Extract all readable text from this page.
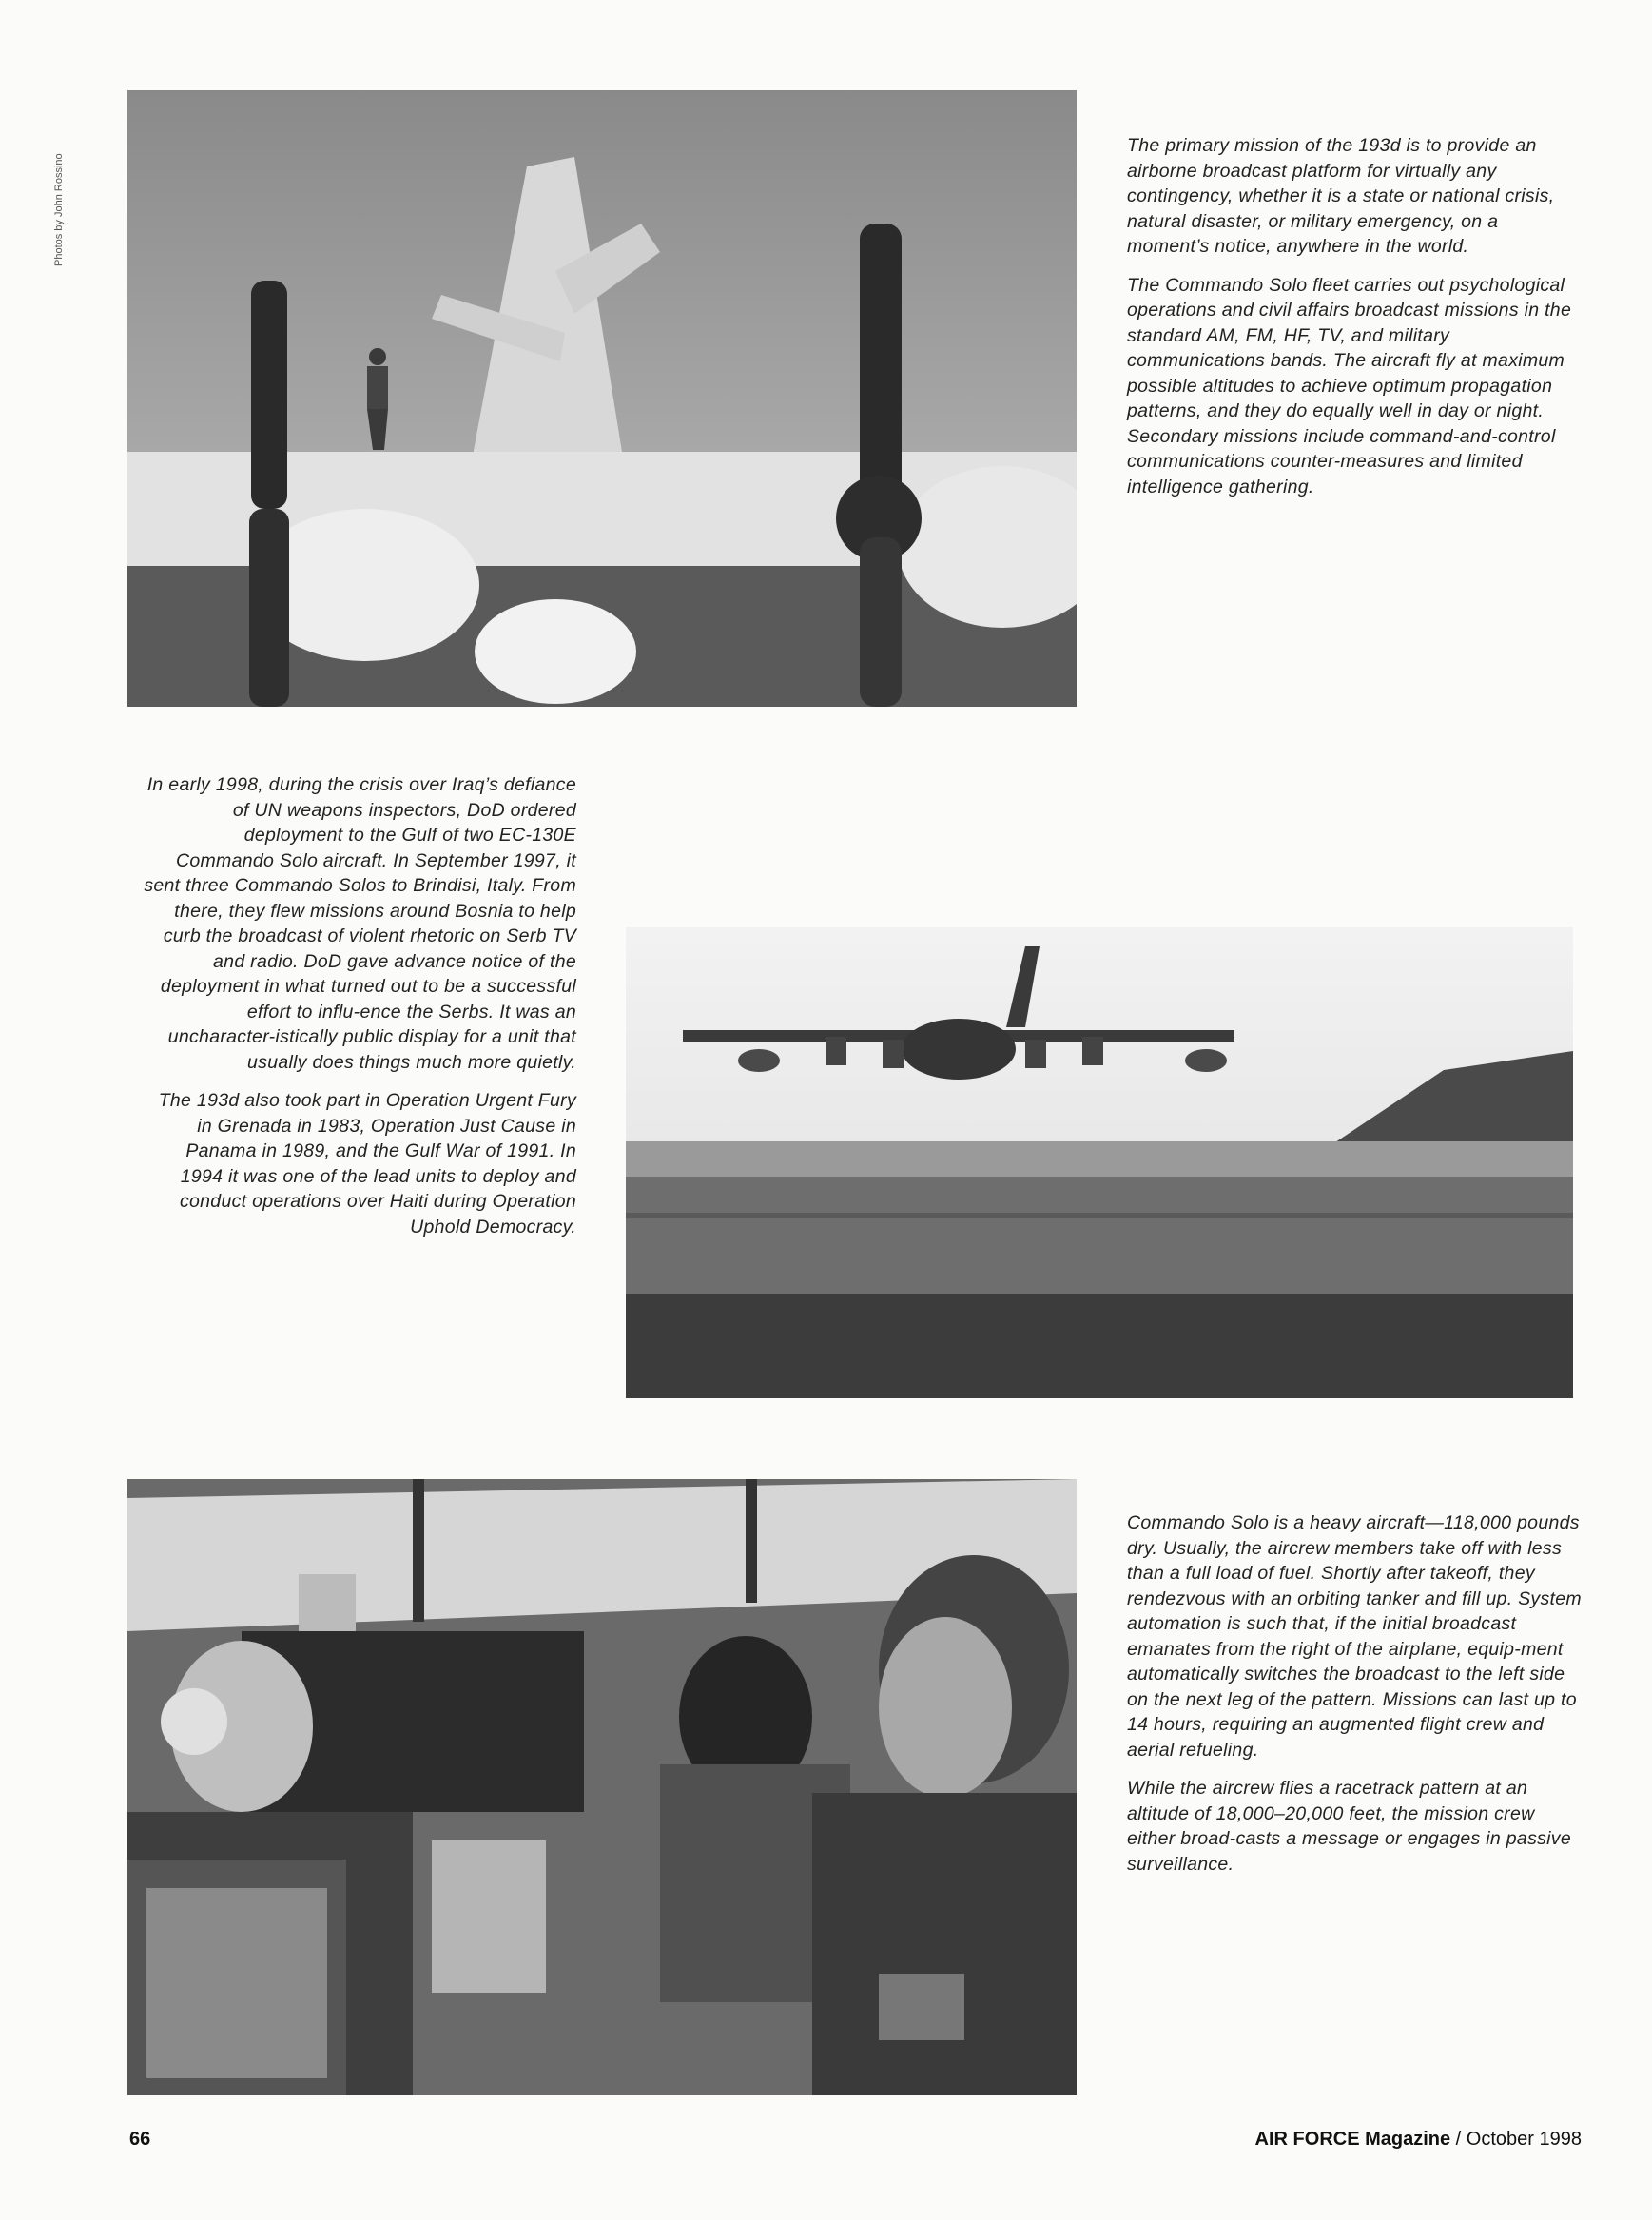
Photos by John Rossino

The primary mission of the 193d is to provide an airborne broadcast platform for virtually any contingency, whether it is a state or national crisis, natural disaster, or military emergency, on a moment’s notice, anywhere in the world.

The Commando Solo fleet carries out psychological operations and civil affairs broadcast missions in the standard AM, FM, HF, TV, and military communications bands. The aircraft fly at maximum possible altitudes to achieve optimum propagation patterns, and they do equally well in day or night. Secondary missions include command-and-control communications counter-measures and limited intelligence gathering.

In early 1998, during the crisis over Iraq’s defiance of UN weapons inspectors, DoD ordered deployment to the Gulf of two EC-130E Commando Solo aircraft. In September 1997, it sent three Commando Solos to Brindisi, Italy. From there, they flew missions around Bosnia to help curb the broadcast of violent rhetoric on Serb TV and radio. DoD gave advance notice of the deployment in what turned out to be a successful effort to influ-ence the Serbs. It was an uncharacter-istically public display for a unit that usually does things much more quietly.

The 193d also took part in Operation Urgent Fury in Grenada in 1983, Operation Just Cause in Panama in 1989, and the Gulf War of 1991. In 1994 it was one of the lead units to deploy and conduct operations over Haiti during Operation Uphold Democracy.

Commando Solo is a heavy aircraft—118,000 pounds dry. Usually, the aircrew members take off with less than a full load of fuel. Shortly after takeoff, they rendezvous with an orbiting tanker and fill up. System automation is such that, if the initial broadcast emanates from the right of the airplane, equip-ment automatically switches the broadcast to the left side on the next leg of the pattern. Missions can last up to 14 hours, requiring an augmented flight crew and aerial refueling.

While the aircrew flies a racetrack pattern at an altitude of 18,000–20,000 feet, the mission crew either broad-casts a message or engages in passive surveillance.

66	AIR FORCE Magazine / October 1998
